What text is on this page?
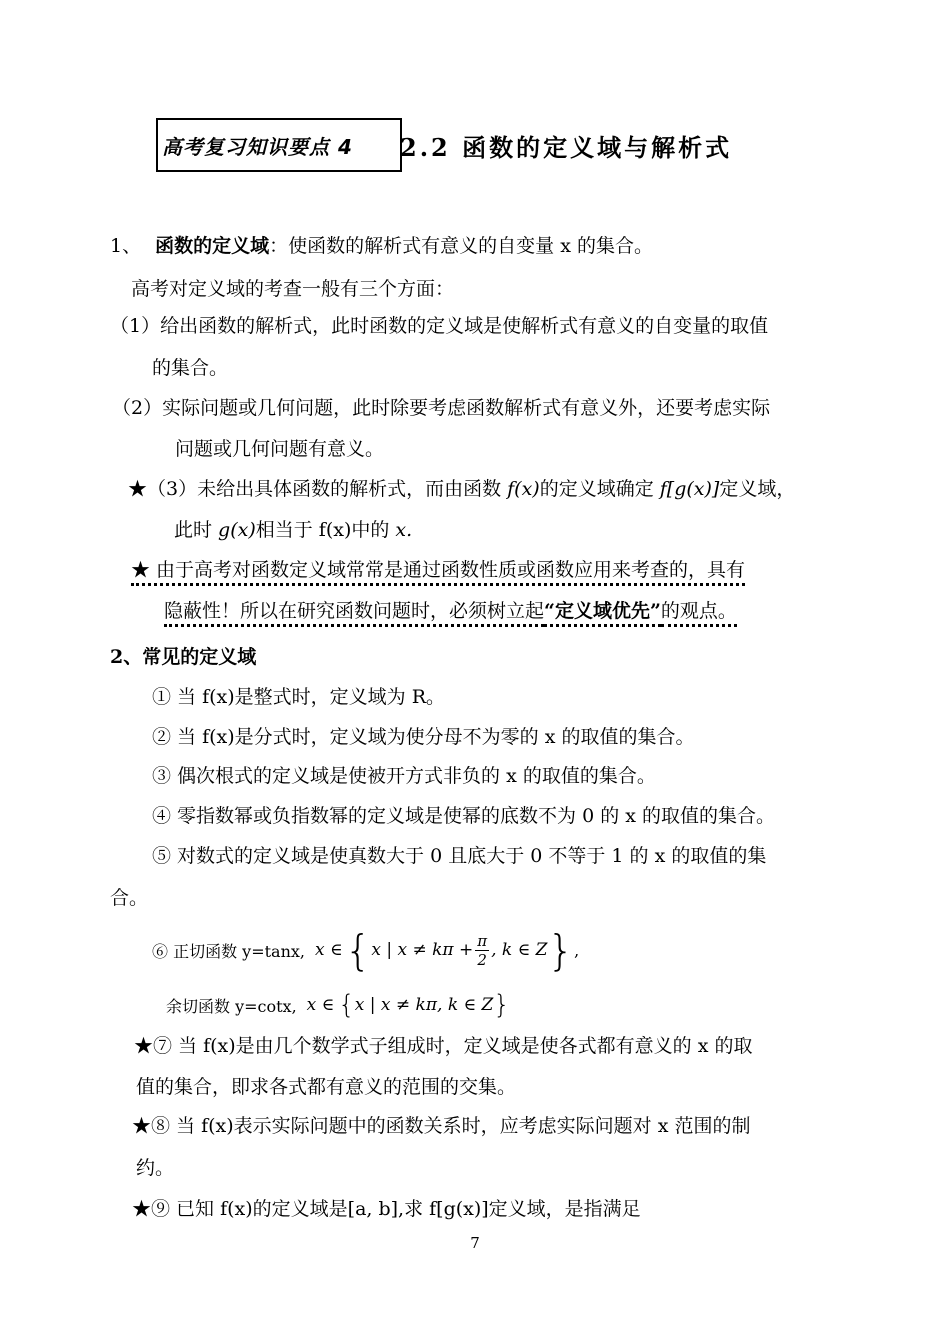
高考复习知识要点 4 2.2 函数的定义域与解析式
1、 函数的定义域：使函数的解析式有意义的自变量 x 的集合。
高考对定义域的考查一般有三个方面：
（1）给出函数的解析式，此时函数的定义域是使解析式有意义的自变量的取值
的集合。
（2）实际问题或几何问题，此时除要考虑函数解析式有意义外，还要考虑实际
问题或几何问题有意义。
★（3）未给出具体函数的解析式，而由函数 f(x)的定义域确定 f[g(x)]定义域，
此时 g(x)相当于 f(x)中的 x.
★ 由于高考对函数定义域常常是通过函数性质或函数应用来考查的，具有
隐蔽性！所以在研究函数问题时，必须树立起“定义域优先”的观点。
2、常见的定义域
① 当 f(x)是整式时，定义域为 R。
② 当 f(x)是分式时，定义域为使分母不为零的 x 的取值的集合。
③ 偶次根式的定义域是使被开方式非负的 x 的取值的集合。
④ 零指数幂或负指数幂的定义域是使幂的底数不为 0 的 x 的取值的集合。
⑤ 对数式的定义域是使真数大于 0 且底大于 0 不等于 1 的 x 的取值的集
合。
⑥ 正切函数 y=tanx, x ∈ { x | $x \ne k\pi + \frac{\pi}{2}$ , k ∈ Z } ,
余切函数 y=cotx, x ∈ { x | x ≠ kπ, k ∈ Z }
★⑦ 当 f(x)是由几个数学式子组成时，定义域是使各式都有意义的 x 的取
值的集合，即求各式都有意义的范围的交集。
★⑧ 当 f(x)表示实际问题中的函数关系时，应考虑实际问题对 x 范围的制
约。
★⑨ 已知 f(x)的定义域是[a, b],求 f[g(x)]定义域，是指满足
7
